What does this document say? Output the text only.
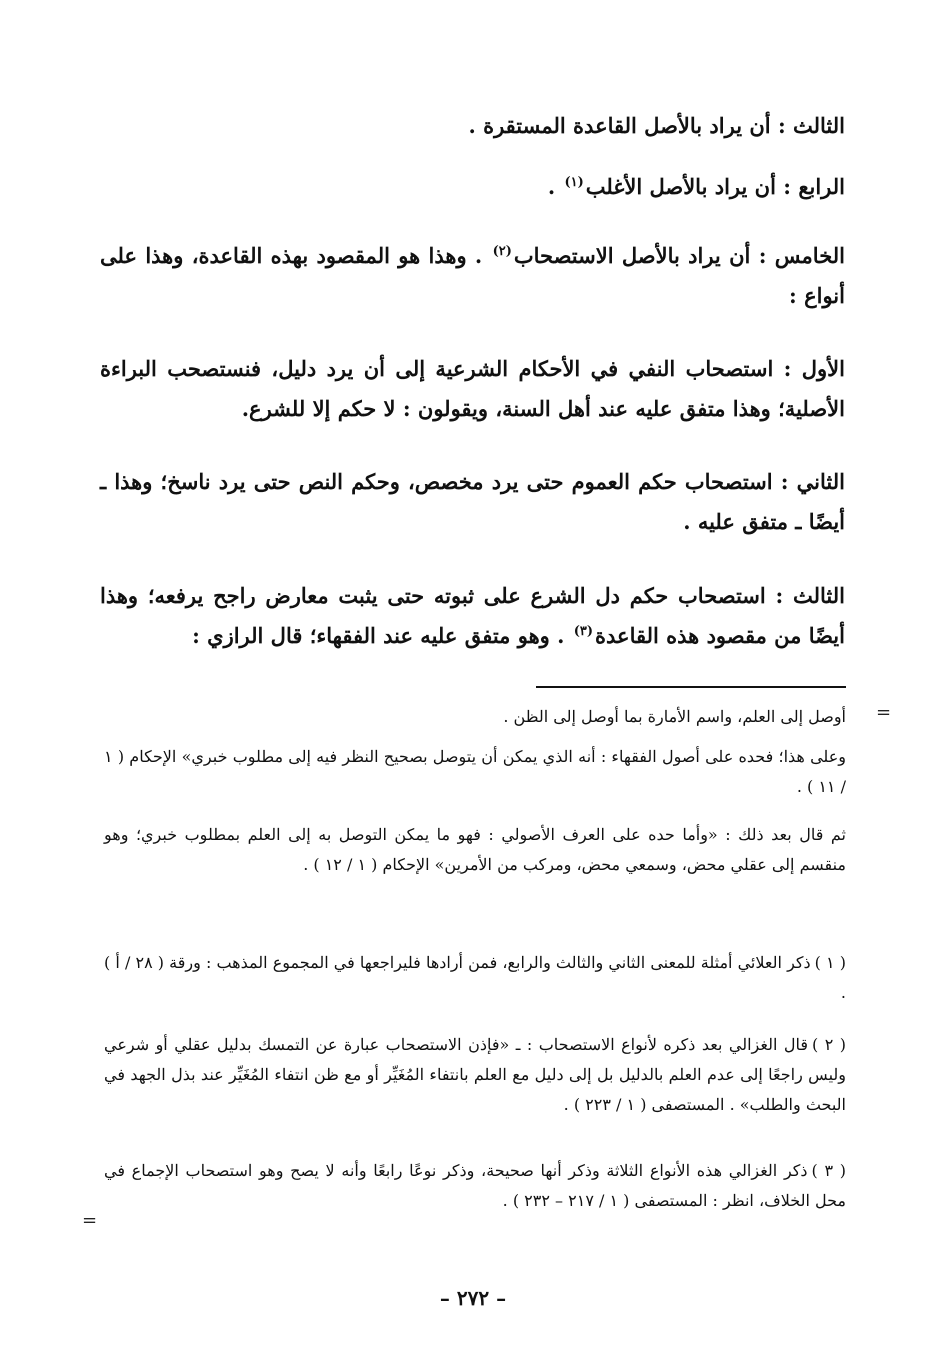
الثالث : أن يراد بالأصل القاعدة المستقرة .

الرابع : أن يراد بالأصل الأغلب$^{(١)}$ .

الخامس : أن يراد بالأصل الاستصحاب$^{(٢)}$ . وهذا هو المقصود بهذه القاعدة، وهذا على أنواع :

الأول : استصحاب النفي في الأحكام الشرعية إلى أن يرد دليل، فنستصحب البراءة الأصلية؛ وهذا متفق عليه عند أهل السنة، ويقولون : لا حكم إلا للشرع.

الثاني : استصحاب حكم العموم حتى يرد مخصص، وحكم النص حتى يرد ناسخ؛ وهذا ـ أيضًا ـ متفق عليه .

الثالث : استصحاب حكم دل الشرع على ثبوته حتى يثبت معارض راجح يرفعه؛ وهذا أيضًا من مقصود هذه القاعدة$^{(٣)}$ . وهو متفق عليه عند الفقهاء؛ قال الرازي :

=

أوصل إلى العلم، واسم الأمارة بما أوصل إلى الظن .

وعلى هذا؛ فحده على أصول الفقهاء : أنه الذي يمكن أن يتوصل بصحيح النظر فيه إلى مطلوب خبري» الإحكام ( ١ / ١١ ) .

ثم قال بعد ذلك : «وأما حده على العرف الأصولي : فهو ما يمكن التوصل به إلى العلم بمطلوب خبري؛ وهو منقسم إلى عقلي محض، وسمعي محض، ومركب من الأمرين» الإحكام ( ١ / ١٢ ) .

( ١ )ذكر العلائي أمثلة للمعنى الثاني والثالث والرابع، فمن أرادها فليراجعها في المجموع المذهب : ورقة ( ٢٨ / أ ) .

( ٢ )قال الغزالي بعد ذكره لأنواع الاستصحاب : ـ «فإذن الاستصحاب عبارة عن التمسك بدليل عقلي أو شرعي وليس راجعًا إلى عدم العلم بالدليل بل إلى دليل مع العلم بانتفاء المُغَيِّر أو مع ظن انتفاء المُغَيِّر عند بذل الجهد في البحث والطلب» . المستصفى ( ١ / ٢٢٣ ) .

( ٣ )ذكر الغزالي هذه الأنواع الثلاثة وذكر أنها صحيحة، وذكر نوعًا رابعًا وأنه لا يصح وهو استصحاب الإجماع في محل الخلاف، انظر : المستصفى ( ١ / ٢١٧ – ٢٣٢ ) .

=
– ٢٧٢ –
